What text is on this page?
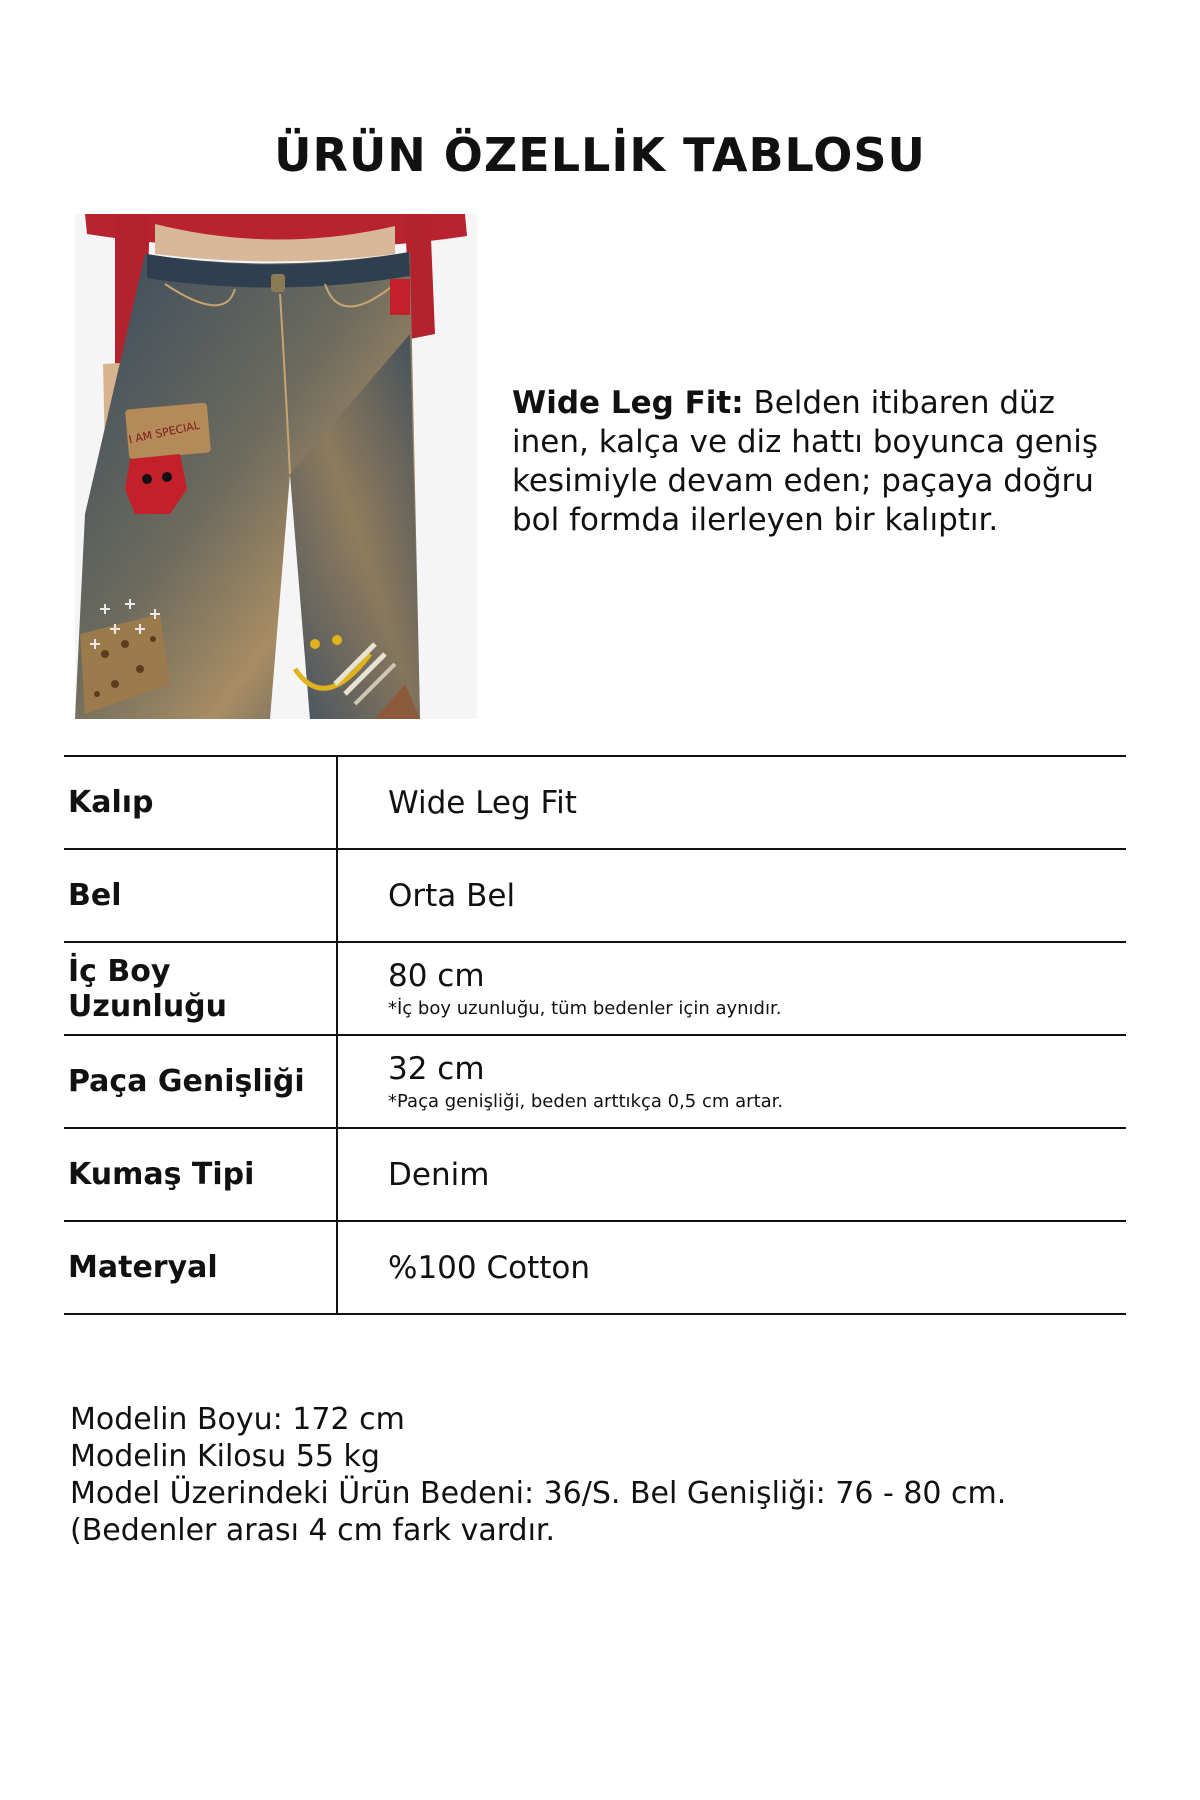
ÜRÜN ÖZELLİK TABLOSU
I AM SPECIAL
Wide Leg Fit: Belden itibaren düz inen, kalça ve diz hattı boyunca geniş kesimiyle devam eden; paçaya doğru bol formda ilerleyen bir kalıptır.
Kalıp	Wide Leg Fit

Bel	Orta Bel

İç Boy Uzunluğu	80 cm
*İç boy uzunluğu, tüm bedenler için aynıdır.

Paça Genişliği	32 cm
*Paça genişliği, beden arttıkça 0,5 cm artar.

Kumaş Tipi	Denim

Materyal	%100 Cotton
Modelin Boyu: 172 cm
Modelin Kilosu 55 kg
Model Üzerindeki Ürün Bedeni: 36/S. Bel Genişliği: 76 - 80 cm. (Bedenler arası 4 cm fark vardır.
